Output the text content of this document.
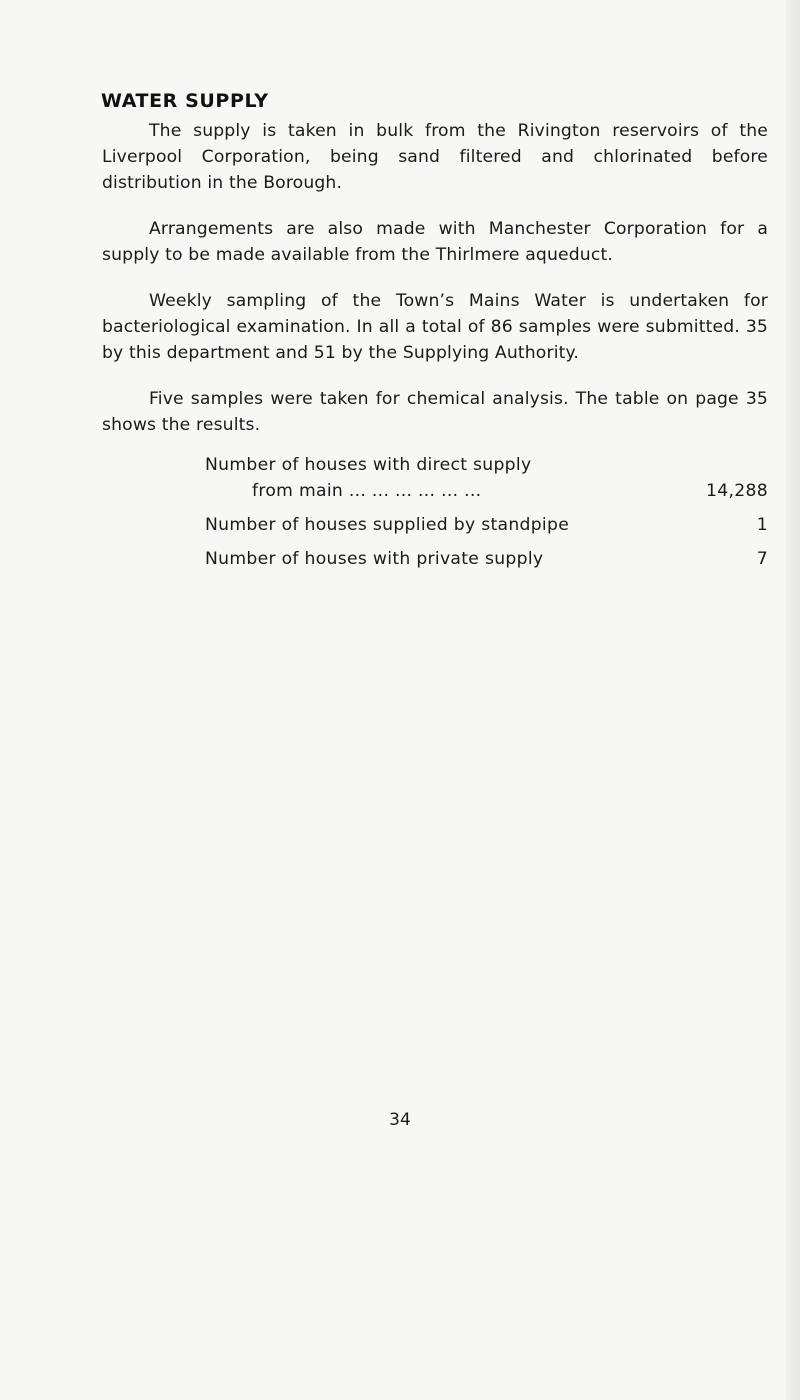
WATER SUPPLY

The supply is taken in bulk from the Rivington reservoirs of the Liverpool Corporation, being sand filtered and chlorinated before distribution in the Borough.

Arrangements are also made with Manchester Corporation for a supply to be made available from the Thirlmere aqueduct.

Weekly sampling of the Town’s Mains Water is undertaken for bacteriological examination. In all a total of 86 samples were submitted. 35 by this department and 51 by the Supplying Authority.

Five samples were taken for chemical analysis. The table on page 35 shows the results.

Number of houses with direct supply
from main ... ... ... ... ... ...	14,288
Number of houses supplied by standpipe	1
Number of houses with private supply	7
34
